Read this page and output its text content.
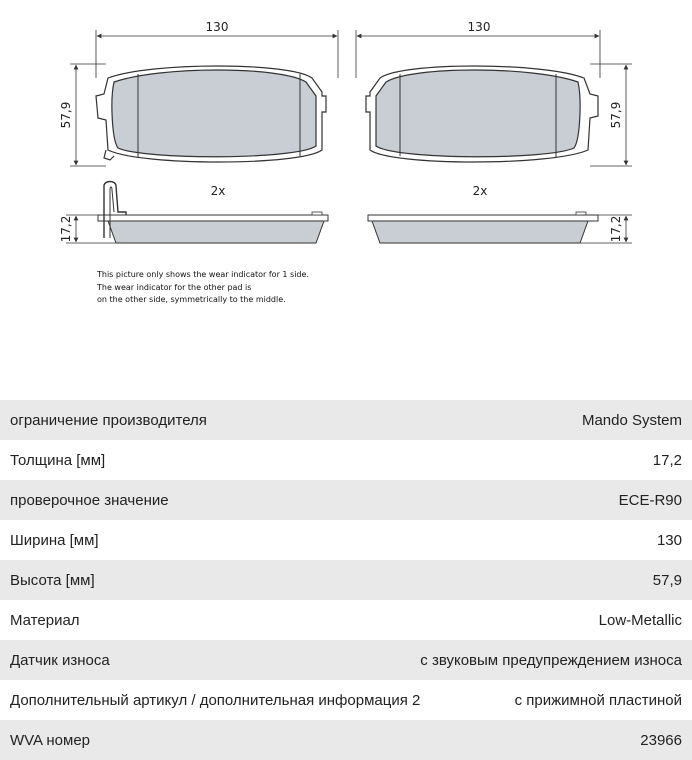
130
57,9
2x
17,2
130
57,9
2x
17,2
This picture only shows the wear indicator for 1 side.
The wear indicator for the other pad is
on the other side, symmetrically to the middle.
ограничение производителя	Mando System
Толщина [мм]	17,2
проверочное значение	ECE-R90
Ширина [мм]	130
Высота [мм]	57,9
Материал	Low-Metallic
Датчик износа	с звуковым предупреждением износа
Дополнительный артикул / дополнительная информация 2	с прижимной пластиной
WVA номер	23966
